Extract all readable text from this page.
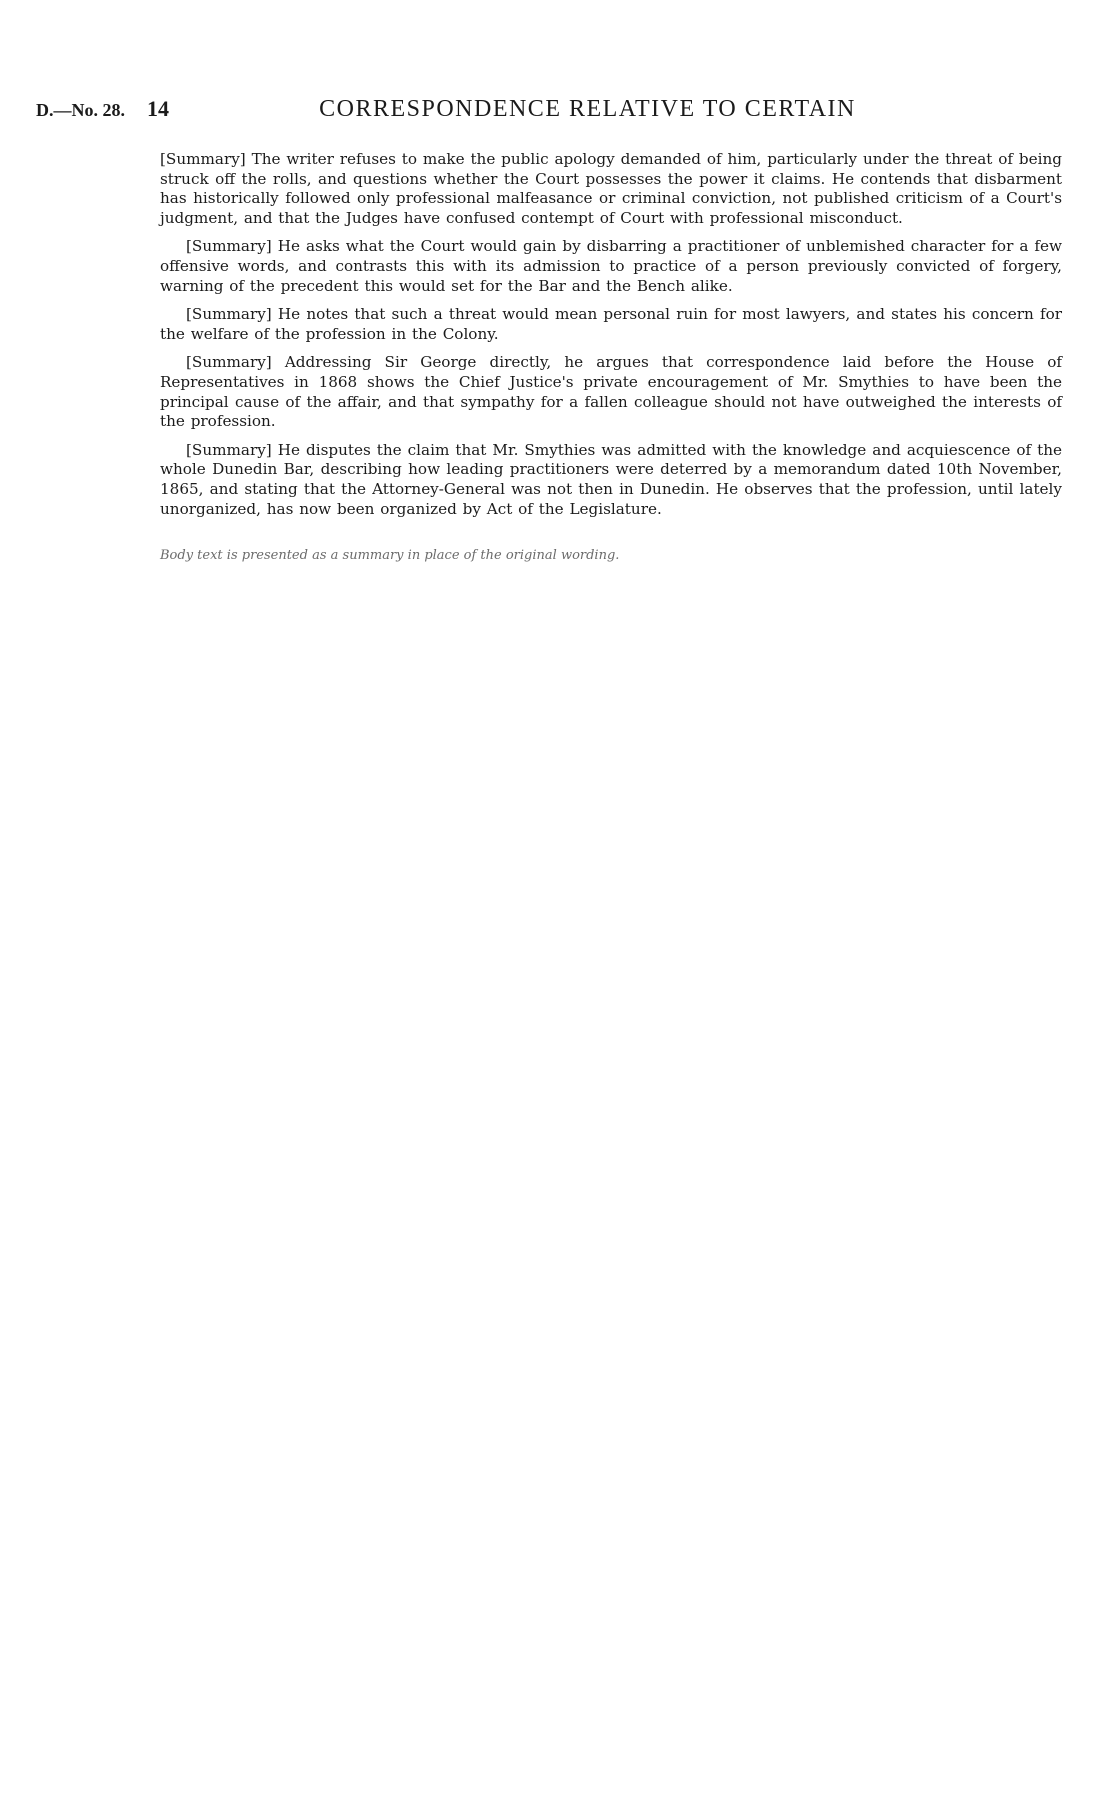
D.—No. 28. 14	CORRESPONDENCE RELATIVE TO CERTAIN

[Summary] The writer refuses to make the public apology demanded of him, particularly under the threat of being struck off the rolls, and questions whether the Court possesses the power it claims. He contends that disbarment has historically followed only professional malfeasance or criminal conviction, not published criticism of a Court's judgment, and that the Judges have confused contempt of Court with professional misconduct.

[Summary] He asks what the Court would gain by disbarring a practitioner of unblemished character for a few offensive words, and contrasts this with its admission to practice of a person previously convicted of forgery, warning of the precedent this would set for the Bar and the Bench alike.

[Summary] He notes that such a threat would mean personal ruin for most lawyers, and states his concern for the welfare of the profession in the Colony.

[Summary] Addressing Sir George directly, he argues that correspondence laid before the House of Representatives in 1868 shows the Chief Justice's private encouragement of Mr. Smythies to have been the principal cause of the affair, and that sympathy for a fallen colleague should not have outweighed the interests of the profession.

[Summary] He disputes the claim that Mr. Smythies was admitted with the knowledge and acquiescence of the whole Dunedin Bar, describing how leading practitioners were deterred by a memorandum dated 10th November, 1865, and stating that the Attorney-General was not then in Dunedin. He observes that the profession, until lately unorganized, has now been organized by Act of the Legislature.

Body text is presented as a summary in place of the original wording.
